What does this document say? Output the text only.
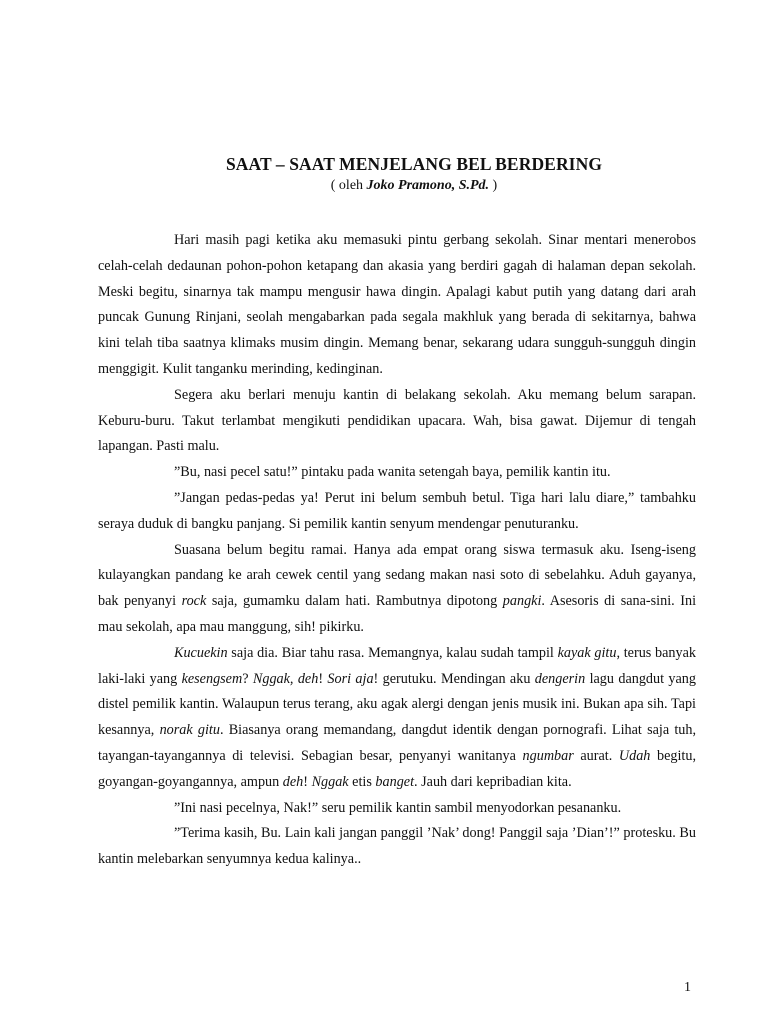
SAAT – SAAT MENJELANG BEL BERDERING
( oleh Joko Pramono, S.Pd. )

Hari masih pagi ketika aku memasuki pintu gerbang sekolah. Sinar mentari menerobos celah-celah dedaunan pohon-pohon ketapang dan akasia yang berdiri gagah di halaman depan sekolah. Meski begitu, sinarnya tak mampu mengusir hawa dingin. Apalagi kabut putih yang datang dari arah puncak Gunung Rinjani, seolah mengabarkan pada segala makhluk yang berada di sekitarnya, bahwa kini telah tiba saatnya klimaks musim dingin. Memang benar, sekarang udara sungguh-sungguh dingin menggigit. Kulit tanganku merinding, kedinginan.

Segera aku berlari menuju kantin di belakang sekolah. Aku memang belum sarapan. Keburu-buru. Takut terlambat mengikuti pendidikan upacara. Wah, bisa gawat. Dijemur di tengah lapangan. Pasti malu.

”Bu, nasi pecel satu!” pintaku pada wanita setengah baya, pemilik kantin itu.

”Jangan pedas-pedas ya! Perut ini belum sembuh betul. Tiga hari lalu diare,” tambahku seraya duduk di bangku panjang. Si pemilik kantin senyum mendengar penuturanku.

Suasana belum begitu ramai. Hanya ada empat orang siswa termasuk aku. Iseng-iseng kulayangkan pandang ke arah cewek centil yang sedang makan nasi soto di sebelahku. Aduh gayanya, bak penyanyi rock saja, gumamku dalam hati. Rambutnya dipotong pangki. Asesoris di sana-sini. Ini mau sekolah, apa mau manggung, sih! pikirku.

Kucuekin saja dia. Biar tahu rasa. Memangnya, kalau sudah tampil kayak gitu, terus banyak laki-laki yang kesengsem? Nggak, deh! Sori aja! gerutuku. Mendingan aku dengerin lagu dangdut yang distel pemilik kantin. Walaupun terus terang, aku agak alergi dengan jenis musik ini. Bukan apa sih. Tapi kesannya, norak gitu. Biasanya orang memandang, dangdut identik dengan pornografi. Lihat saja tuh, tayangan-tayangannya di televisi. Sebagian besar, penyanyi wanitanya ngumbar aurat. Udah begitu, goyangan-goyangannya, ampun deh! Nggak etis banget. Jauh dari kepribadian kita.

”Ini nasi pecelnya, Nak!” seru pemilik kantin sambil menyodorkan pesananku.

”Terima kasih, Bu. Lain kali jangan panggil ’Nak’ dong! Panggil saja ’Dian’!” protesku. Bu kantin melebarkan senyumnya kedua kalinya..

1
